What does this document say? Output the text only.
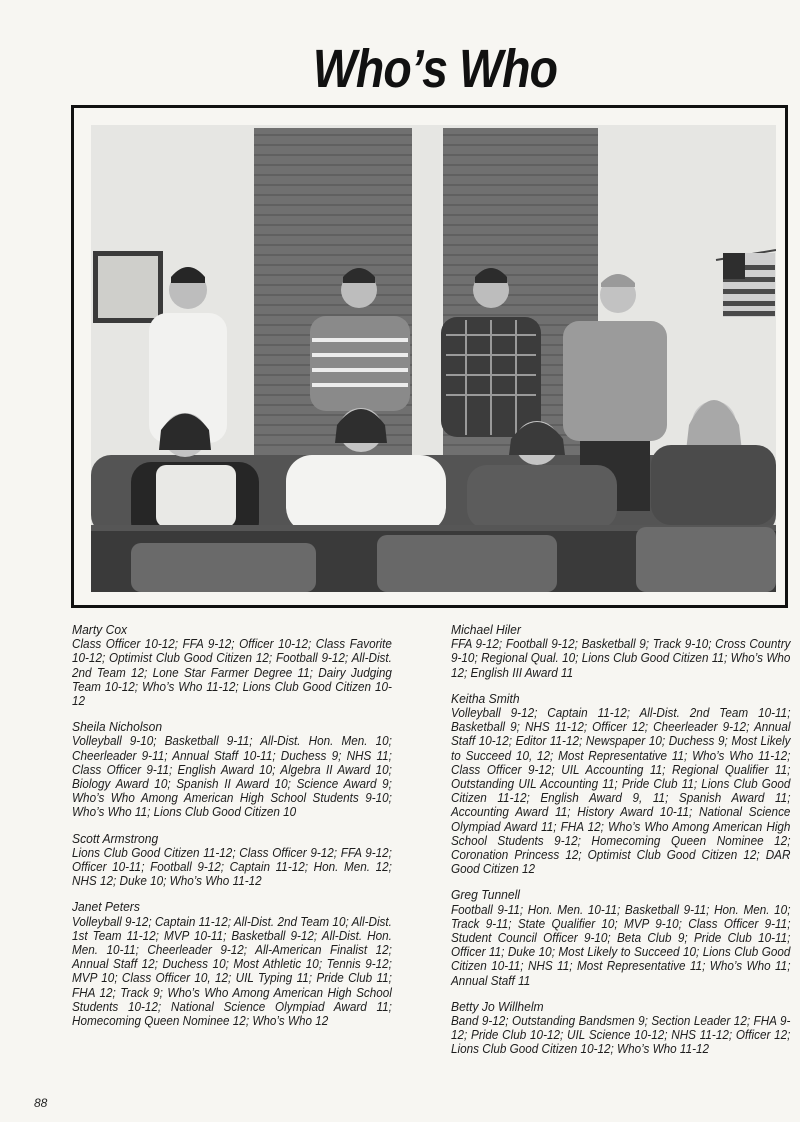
Who’s Who
Marty Cox
Class Officer 10-12; FFA 9-12; Officer 10-12; Class Favorite 10-12; Optimist Club Good Citizen 12; Football 9-12; All-Dist. 2nd Team 12; Lone Star Farmer Degree 11; Dairy Judging Team 10-12; Who’s Who 11-12; Lions Club Good Citizen 10-12
Sheila Nicholson
Volleyball 9-10; Basketball 9-11; All-Dist. Hon. Men. 10; Cheerleader 9-11; Annual Staff 10-11; Duchess 9; NHS 11; Class Officer 9-11; English Award 10; Algebra II Award 10; Biology Award 10; Spanish II Award 10; Science Award 9; Who’s Who Among American High School Students 9-10; Who’s Who 11; Lions Club Good Citizen 10
Scott Armstrong
Lions Club Good Citizen 11-12; Class Officer 9-12; FFA 9-12; Officer 10-11; Football 9-12; Captain 11-12; Hon. Men. 12; NHS 12; Duke 10; Who’s Who 11-12
Janet Peters
Volleyball 9-12; Captain 11-12; All-Dist. 2nd Team 10; All-Dist. 1st Team 11-12; MVP 10-11; Basketball 9-12; All-Dist. Hon. Men. 10-11; Cheerleader 9-12; All-American Finalist 12; Annual Staff 12; Duchess 10; Most Athletic 10; Tennis 9-12; MVP 10; Class Officer 10, 12; UIL Typing 11; Pride Club 11; FHA 12; Track 9; Who’s Who Among American High School Students 10-12; National Science Olympiad Award 11; Homecoming Queen Nominee 12; Who’s Who 12
Michael Hiler
FFA 9-12; Football 9-12; Basketball 9; Track 9-10; Cross Country 9-10; Regional Qual. 10; Lions Club Good Citizen 11; Who’s Who 12; English III Award 11
Keitha Smith
Volleyball 9-12; Captain 11-12; All-Dist. 2nd Team 10-11; Basketball 9; NHS 11-12; Officer 12; Cheerleader 9-12; Annual Staff 10-12; Editor 11-12; Newspaper 10; Duchess 9; Most Likely to Succeed 10, 12; Most Representative 11; Who’s Who 11-12; Class Officer 9-12; UIL Accounting 11; Regional Qualifier 11; Outstanding UIL Accounting 11; Pride Club 11; Lions Club Good Citizen 11-12; English Award 9, 11; Spanish Award 11; Accounting Award 11; History Award 10-11; National Science Olympiad Award 11; FHA 12; Who’s Who Among American High School Students 9-12; Homecoming Queen Nominee 12; Coronation Princess 12; Optimist Club Good Citizen 12; DAR Good Citizen 12
Greg Tunnell
Football 9-11; Hon. Men. 10-11; Basketball 9-11; Hon. Men. 10; Track 9-11; State Qualifier 10; MVP 9-10; Class Officer 9-11; Student Council Officer 9-10; Beta Club 9; Pride Club 10-11; Officer 11; Duke 10; Most Likely to Succeed 10; Lions Club Good Citizen 10-11; NHS 11; Most Representative 11; Who’s Who 11; Annual Staff 11
Betty Jo Willhelm
Band 9-12; Outstanding Bandsmen 9; Section Leader 12; FHA 9-12; Pride Club 10-12; UIL Science 10-12; NHS 11-12; Officer 12; Lions Club Good Citizen 10-12; Who’s Who 11-12
88
